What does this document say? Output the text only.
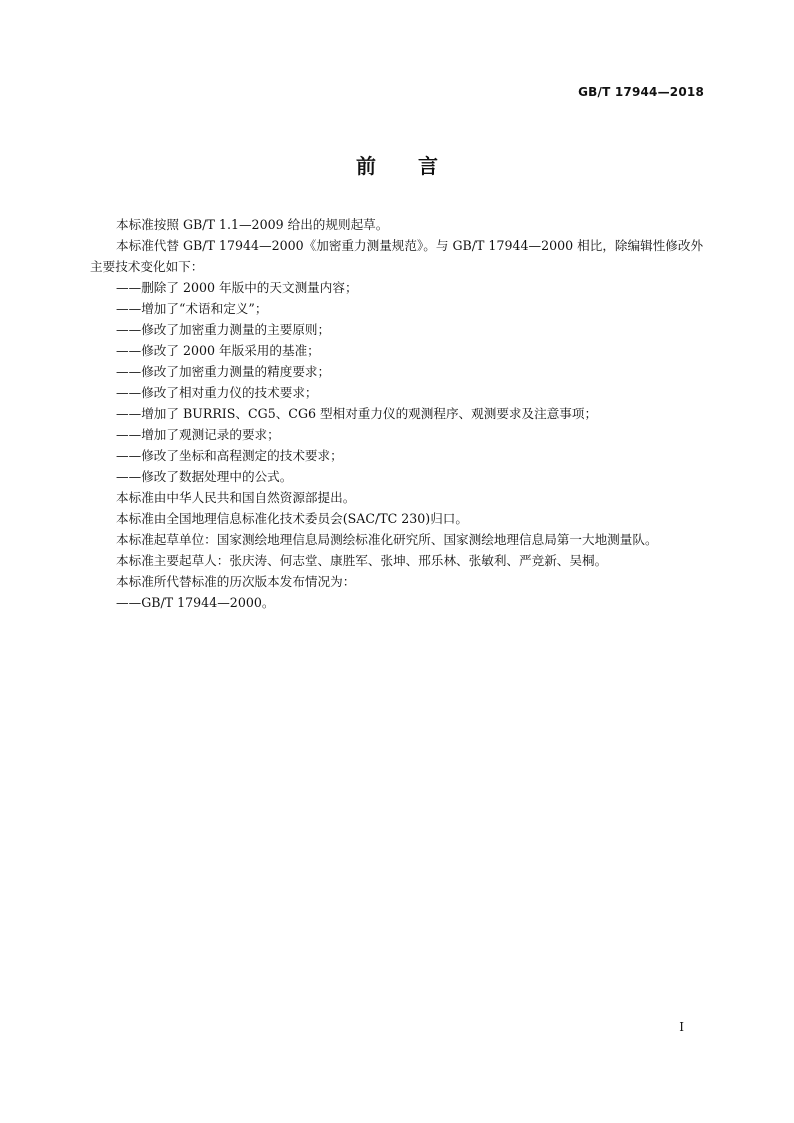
GB/T 17944—2018
前言

本标准按照 GB/T 1.1—2009 给出的规则起草。

本标准代替 GB/T 17944—2000《加密重力测量规范》。与 GB/T 17944—2000 相比，除编辑性修改外主要技术变化如下：

——删除了 2000 年版中的天文测量内容；
——增加了“术语和定义”；
——修改了加密重力测量的主要原则；
——修改了 2000 年版采用的基准；
——修改了加密重力测量的精度要求；
——修改了相对重力仪的技术要求；
——增加了 BURRIS、CG5、CG6 型相对重力仪的观测程序、观测要求及注意事项；
——增加了观测记录的要求；
——修改了坐标和高程测定的技术要求；
——修改了数据处理中的公式。

本标准由中华人民共和国自然资源部提出。

本标准由全国地理信息标准化技术委员会(SAC/TC 230)归口。

本标准起草单位：国家测绘地理信息局测绘标准化研究所、国家测绘地理信息局第一大地测量队。

本标准主要起草人：张庆涛、何志堂、康胜军、张坤、邢乐林、张敏利、严竞新、吴桐。

本标准所代替标准的历次版本发布情况为：

——GB/T 17944—2000。
I
